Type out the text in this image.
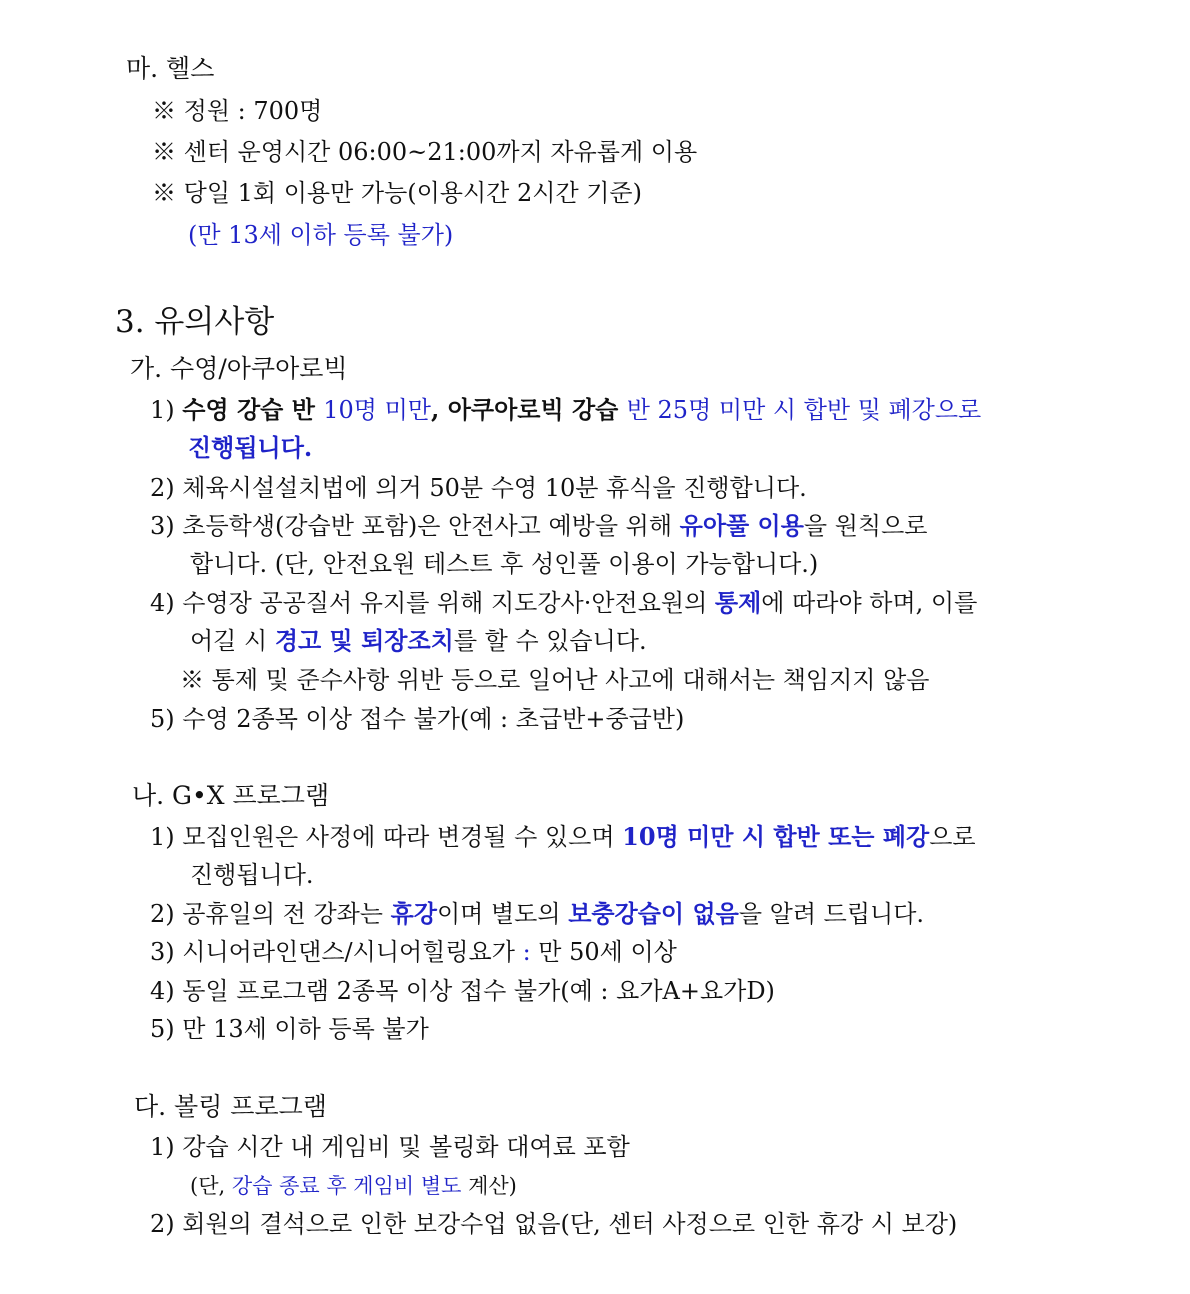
마. 헬스
※ 정원 : 700명
※ 센터 운영시간 06:00~21:00까지 자유롭게 이용
※ 당일 1회 이용만 가능(이용시간 2시간 기준)
(만 13세 이하 등록 불가)
3. 유의사항
가. 수영/아쿠아로빅
1) 수영 강습 반 10명 미만, 아쿠아로빅 강습 반 25명 미만 시 합반 및 폐강으로
진행됩니다.
2) 체육시설설치법에 의거 50분 수영 10분 휴식을 진행합니다.
3) 초등학생(강습반 포함)은 안전사고 예방을 위해 유아풀 이용을 원칙으로
합니다. (단, 안전요원 테스트 후 성인풀 이용이 가능합니다.)
4) 수영장 공공질서 유지를 위해 지도강사·안전요원의 통제에 따라야 하며, 이를
어길 시 경고 및 퇴장조치를 할 수 있습니다.
※ 통제 및 준수사항 위반 등으로 일어난 사고에 대해서는 책임지지 않음
5) 수영 2종목 이상 접수 불가(예 : 초급반+중급반)
나. G•X 프로그램
1) 모집인원은 사정에 따라 변경될 수 있으며 10명 미만 시 합반 또는 폐강으로
진행됩니다.
2) 공휴일의 전 강좌는 휴강이며 별도의 보충강습이 없음을 알려 드립니다.
3) 시니어라인댄스/시니어힐링요가 : 만 50세 이상
4) 동일 프로그램 2종목 이상 접수 불가(예 : 요가A+요가D)
5) 만 13세 이하 등록 불가
다. 볼링 프로그램
1) 강습 시간 내 게임비 및 볼링화 대여료 포함
(단, 강습 종료 후 게임비 별도 계산)
2) 회원의 결석으로 인한 보강수업 없음(단, 센터 사정으로 인한 휴강 시 보강)
